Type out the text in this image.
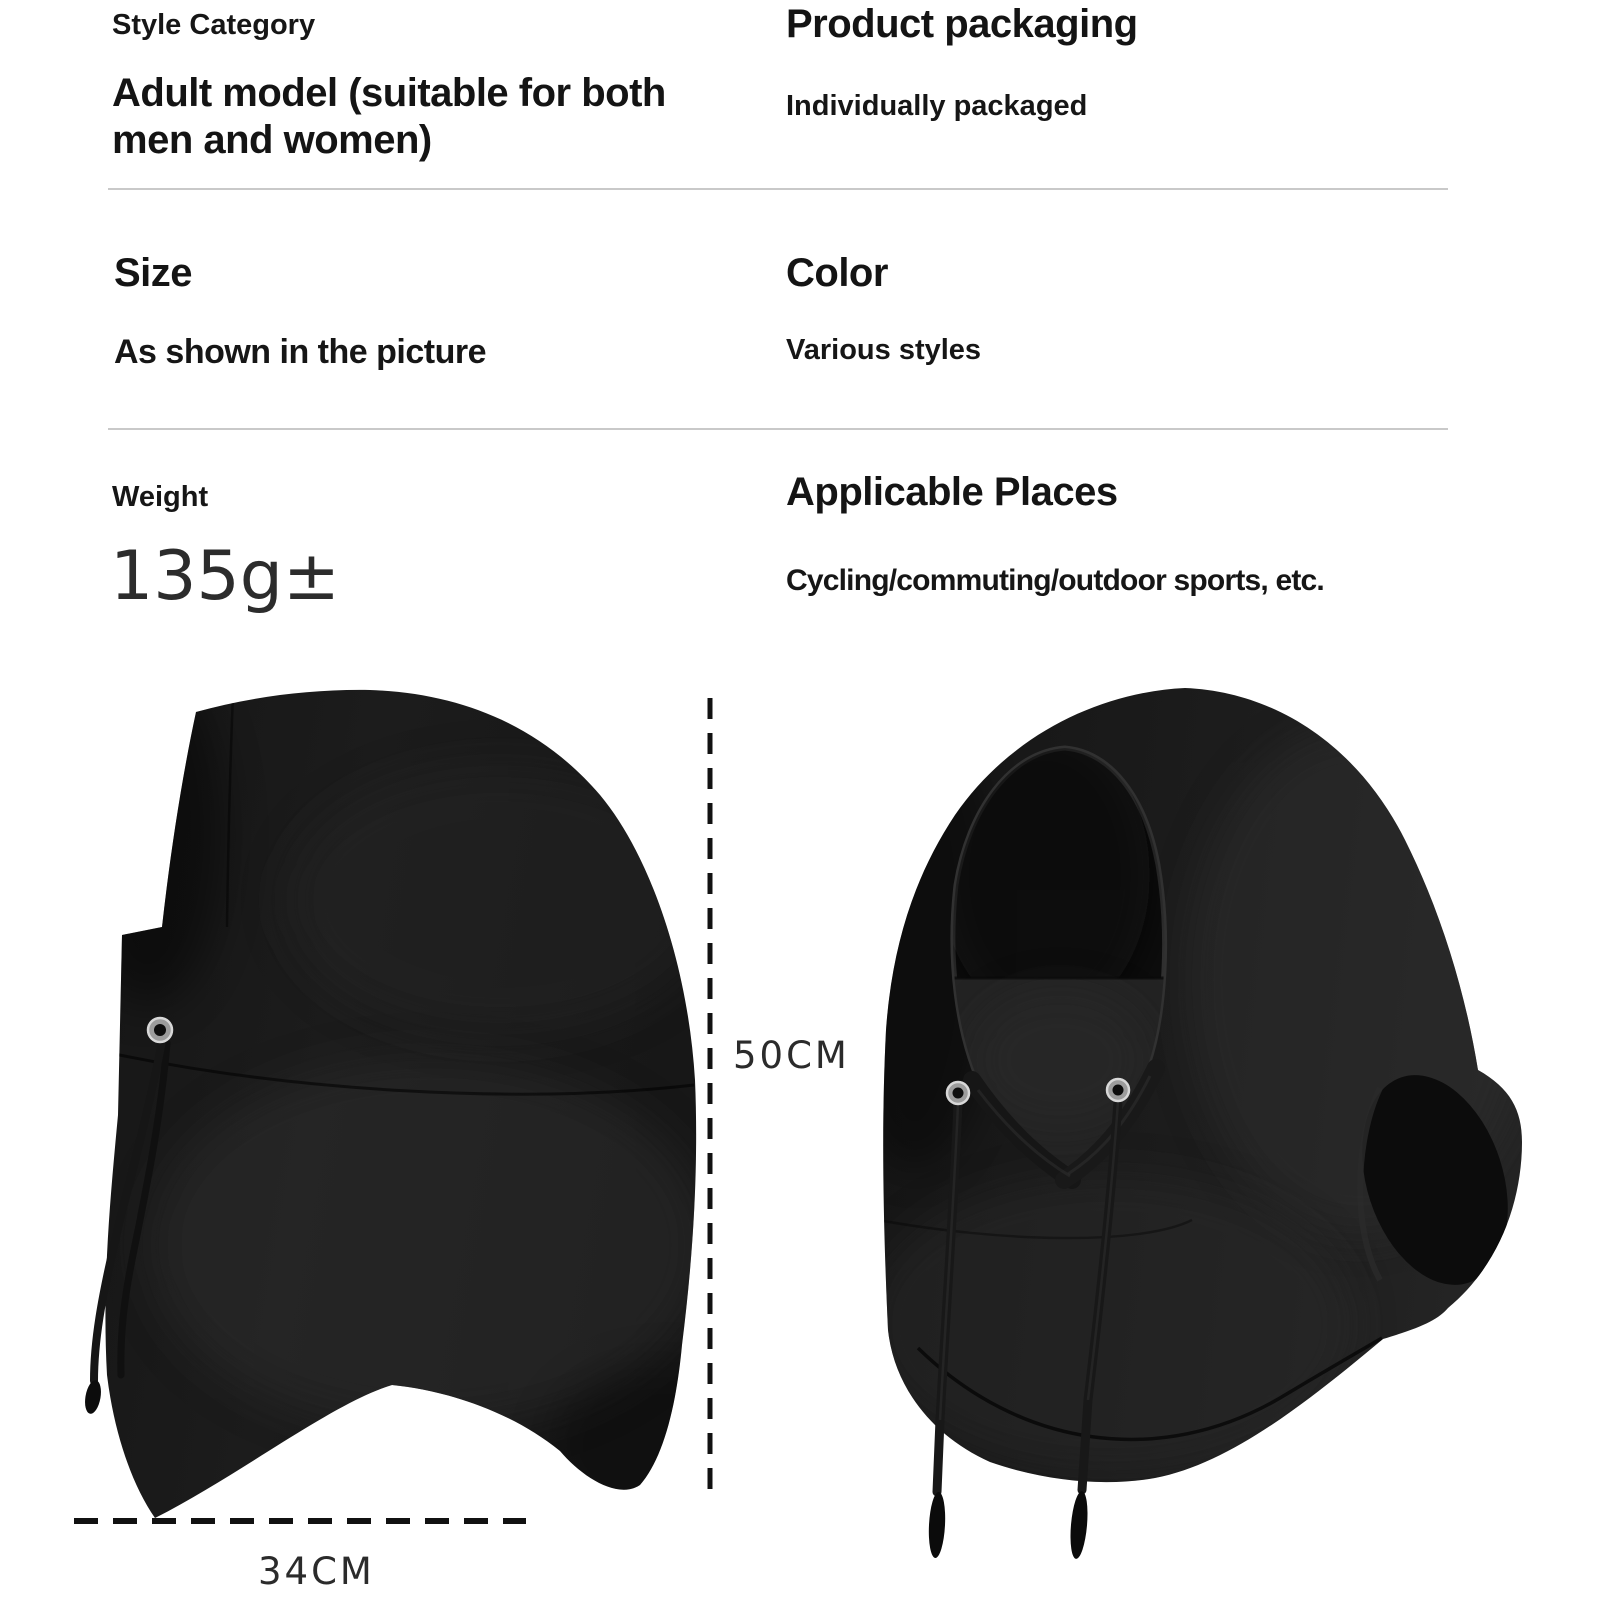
Style Category
Adult model (suitable for both men and women)
Product packaging
Individually packaged
Size
As shown in the picture
Color
Various styles
Weight
135g±
Applicable Places
Cycling/commuting/outdoor sports, etc.
50CM
34CM
